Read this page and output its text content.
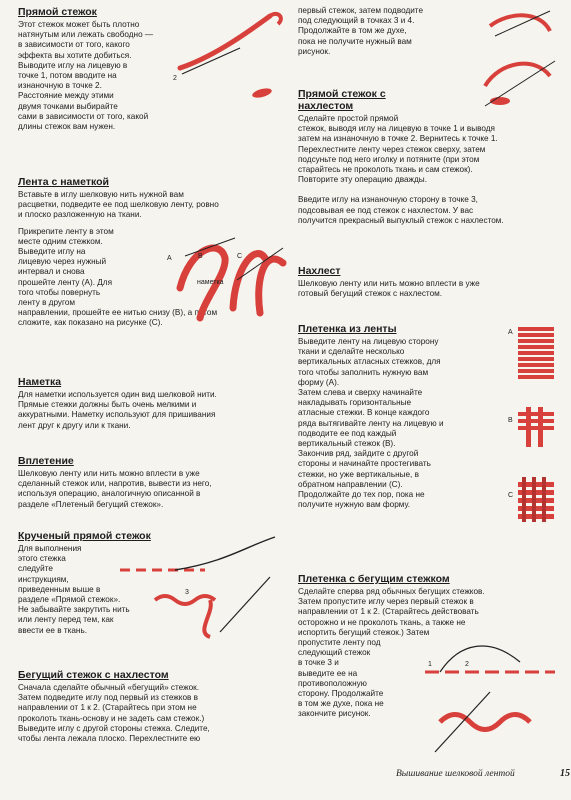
Прямой стежок

Этот стежок может быть плотно
натянутым или лежать свободно —
в зависимости от того, какого
эффекта вы хотите добиться.
Выводите иглу на лицевую в
точке 1, потом вводите на
изнаночную в точке 2.
Расстояние между этими
двумя точками выбирайте
сами в зависимости от того, какой
длины стежок вам нужен.

Лента с наметкой

Вставьте в иглу шелковую нить нужной вам
расцветки, подведите ее под шелковую ленту, ровно
и плоско разложенную на ткани.

Прикрепите ленту в этом
месте одним стежком.
Выведите иглу на
лицевую через нужный
интервал и снова
прошейте ленту (A). Для
того чтобы повернуть
ленту в другом

направлении, прошейте ее нитью снизу (B), а потом
сложите, как показано на рисунке (C).

Наметка

Для наметки используется один вид шелковой нити.
Прямые стежки должны быть очень мелкими и
аккуратными. Наметку используют для пришивания
лент друг к другу или к ткани.

Вплетение

Шелковую ленту или нить можно вплести в уже
сделанный стежок или, напротив, вывести из него,
используя операцию, аналогичную описанной в
разделе «Плетеный бегущий стежок».

Крученый прямой стежок

Для выполнения
этого стежка
следуйте
инструкциям,
приведенным выше в
разделе «Прямой стежок».
Не забывайте закрутить нить
или ленту перед тем, как
ввести ее в ткань.

Бегущий стежок с нахлестом

Сначала сделайте обычный «бегущий» стежок.
Затем подведите иглу под первый из стежков в
направлении от 1 к 2. (Старайтесь при этом не
проколоть ткань-основу и не задеть сам стежок.)
Выведите иглу с другой стороны стежка. Следите,
чтобы лента лежала плоско. Перехлестните ею

первый стежок, затем подводите
под следующий в точках 3 и 4.
Продолжайте в том же духе,
пока не получите нужный вам
рисунок.

Прямой стежок с
нахлестом

Сделайте простой прямой
стежок, выводя иглу на лицевую в точке 1 и выводя
затем на изнаночную в точке 2. Вернитесь к точке 1.
Перехлестните ленту через стежок сверху, затем
подсуньте под него иголку и потяните (при этом
старайтесь не проколоть ткань и сам стежок).
Повторите эту операцию дважды.

Введите иглу на изнаночную сторону в точке 3,
подсовывая ее под стежок с нахлестом. У вас
получится прекрасный выпуклый стежок с нахлестом.

Нахлест

Шелковую ленту или нить можно вплести в уже
готовый бегущий стежок с нахлестом.

Плетенка из ленты

Выведите ленту на лицевую сторону
ткани и сделайте несколько
вертикальных атласных стежков, для
того чтобы заполнить нужную вам
форму (A).
Затем слева и сверху начинайте
накладывать горизонтальные
атласные стежки. В конце каждого
ряда вытягивайте ленту на лицевую и
подводите ее под каждый
вертикальный стежок (B).
Закончив ряд, зайдите с другой
стороны и начинайте простегивать
стежки, но уже вертикальные, в
обратном направлении (C).
Продолжайте до тех пор, пока не
получите нужную вам форму.

Плетенка с бегущим стежком

Сделайте сперва ряд обычных бегущих стежков.
Затем пропустите иглу через первый стежок в
направлении от 1 к 2. (Старайтесь действовать
осторожно и не проколоть ткань, а также не
испортить бегущий стежок.) Затем

пропустите ленту под
следующий стежок
в точке 3 и
выведите ее на
противоположную
сторону. Продолжайте
в том же духе, пока не
закончите рисунок.

2
A	B	C
наметка
3
A
B
C
1	2
Вышивание шелковой лентой	15
